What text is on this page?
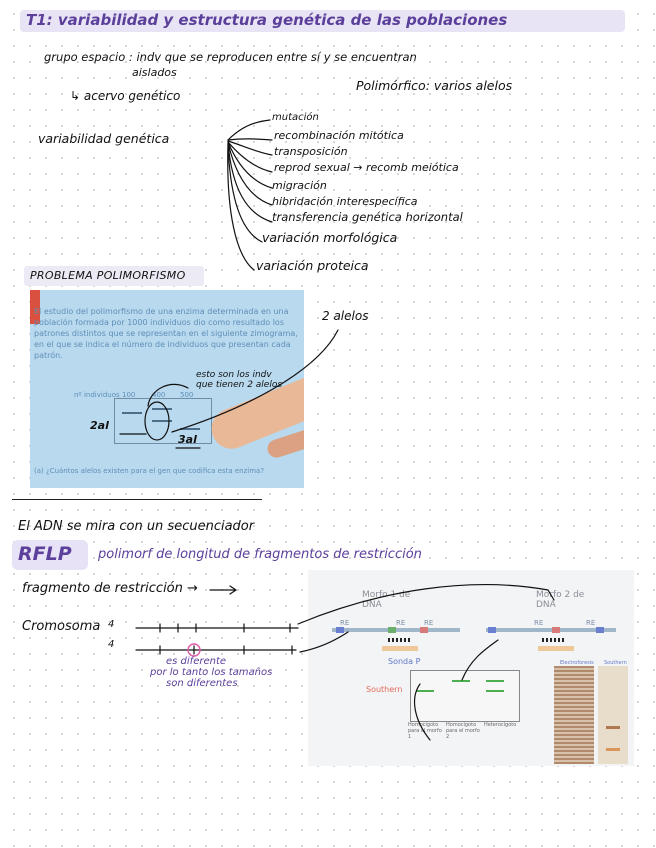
T1: variabilidad y estructura genética de las poblaciones
grupo espacio : indv que se reproducen entre sí y se encuentran
aislados
↳ acervo genético
Polimórfico: varios alelos
variabilidad genética
mutación
recombinación mitótica
transposición
reprod sexual → recomb meiótica
migración
hibridación interespecífica
transferencia genética horizontal
variación morfológica
variación proteica
PROBLEMA POLIMORFISMO
El estudio del polimorfismo de una enzima determinada en una población formada por 1000 individuos dio como resultado los patrones distintos que se representan en el siguiente zimograma, en el que se indica el número de individuos que presentan cada patrón.
nº individuos 100 400 500
(a) ¿Cuántos alelos existen para el gen que codifica esta enzima?
2al
3al
esto son los indv que tienen 2 alelos
2 alelos
El ADN se mira con un secuenciador
RFLP polimorf de longitud de fragmentos de restricción
fragmento de restricción →
Cromosoma 4
4
es diferente
por lo tanto los tamaños
son diferentes
Morfo 1 de DNA
Morfo 2 de DNA
RE	RE	RE	RE	RE
Sonda P
Southern
Homocigoto para el morfo 1
Homocigoto para el morfo 2
Heterocigoto
Electroforesis Southern
